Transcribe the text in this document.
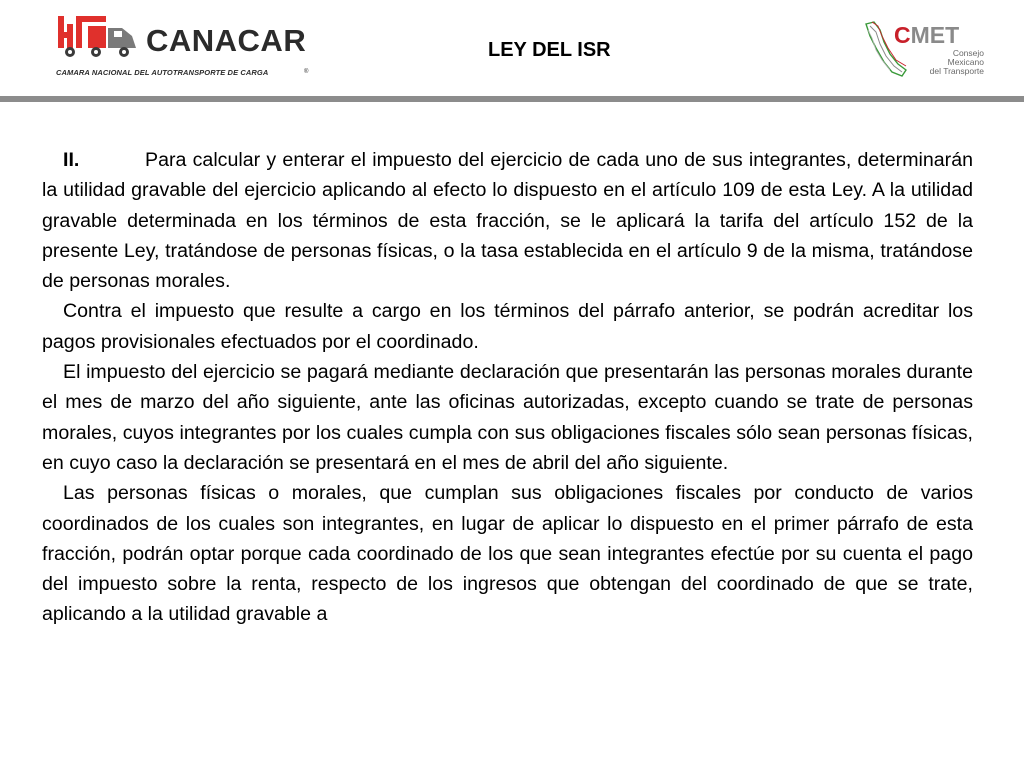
CANACAR
CAMARA NACIONAL DEL AUTOTRANSPORTE DE CARGA	®
LEY DEL ISR
CMET
Consejo
Mexicano
del Transporte

II.	Para calcular y enterar el impuesto del ejercicio de cada uno de sus integrantes, determinarán la utilidad gravable del ejercicio aplicando al efecto lo dispuesto en el artículo 109 de esta Ley. A la utilidad gravable determinada en los términos de esta fracción, se le aplicará la tarifa del artículo 152 de la presente Ley, tratándose de personas físicas, o la tasa establecida en el artículo 9 de la misma, tratándose de personas morales.

Contra el impuesto que resulte a cargo en los términos del párrafo anterior, se podrán acreditar los pagos provisionales efectuados por el coordinado.

El impuesto del ejercicio se pagará mediante declaración que presentarán las personas morales durante el mes de marzo del año siguiente, ante las oficinas autorizadas, excepto cuando se trate de personas morales, cuyos integrantes por los cuales cumpla con sus obligaciones fiscales sólo sean personas físicas, en cuyo caso la declaración se presentará en el mes de abril del año siguiente.

Las personas físicas o morales, que cumplan sus obligaciones fiscales por conducto de varios coordinados de los cuales son integrantes, en lugar de aplicar lo dispuesto en el primer párrafo de esta fracción, podrán optar porque cada coordinado de los que sean integrantes efectúe por su cuenta el pago del impuesto sobre la renta, respecto de los ingresos que obtengan del coordinado de que se trate, aplicando a la utilidad gravable a
